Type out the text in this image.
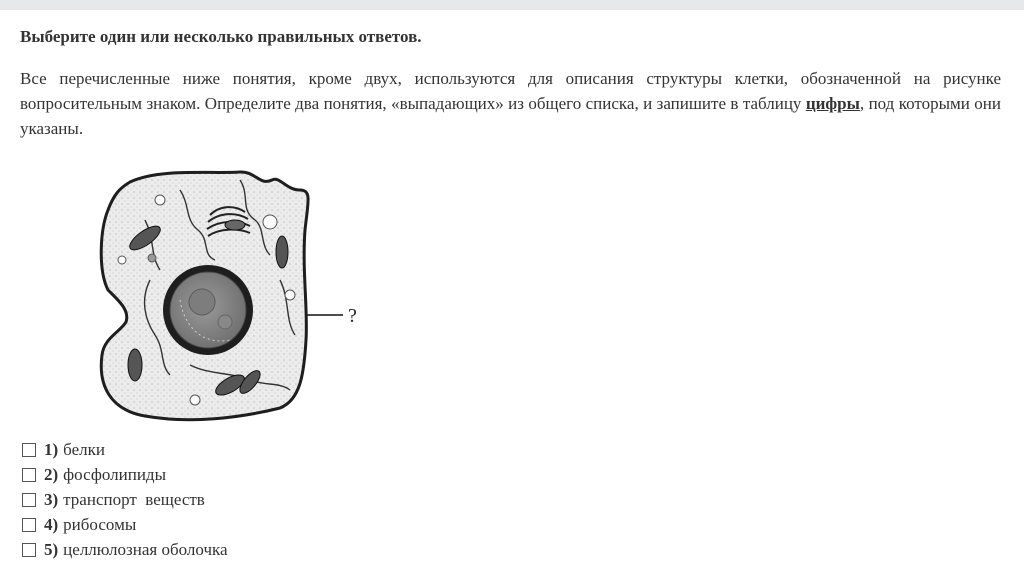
Выберите один или несколько правильных ответов.
Все перечисленные ниже понятия, кроме двух, используются для описания структуры клетки, обозначенной на рисунке вопросительным знаком. Определите два понятия, «выпадающих» из общего списка, и запишите в таблицу цифры, под которыми они указаны.
?
1) белки
2) фосфолипиды
3) транспорт  веществ
4) рибосомы
5) целлюлозная оболочка
